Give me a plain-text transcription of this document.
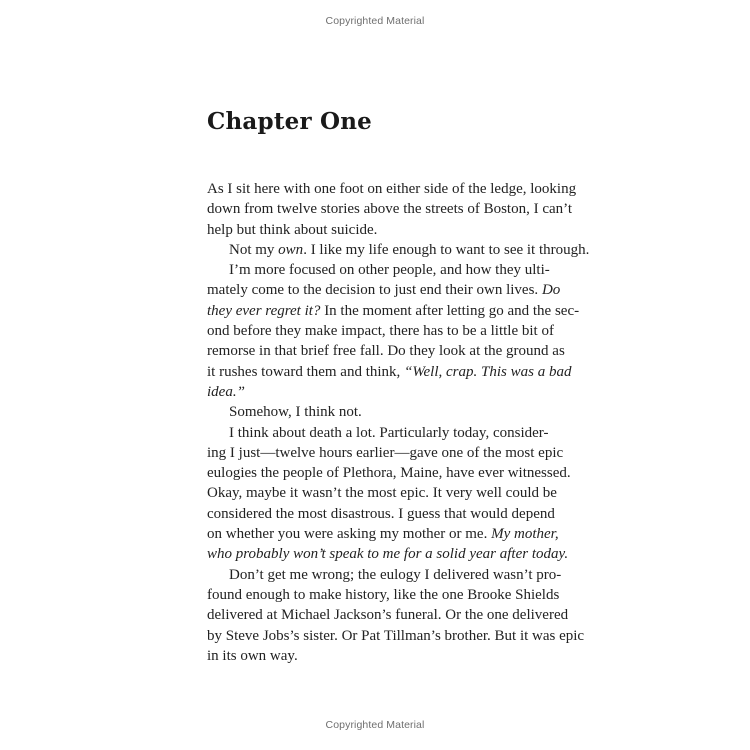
Copyrighted Material
Chapter One
As I sit here with one foot on either side of the ledge, looking
down from twelve stories above the streets of Boston, I can’t
help but think about suicide.
Not my own. I like my life enough to want to see it through.
I’m more focused on other people, and how they ulti-
mately come to the decision to just end their own lives. Do
they ever regret it? In the moment after letting go and the sec-
ond before they make impact, there has to be a little bit of
remorse in that brief free fall. Do they look at the ground as
it rushes toward them and think, “Well, crap. This was a bad
idea.”
Somehow, I think not.
I think about death a lot. Particularly today, consider-
ing I just—twelve hours earlier—gave one of the most epic
eulogies the people of Plethora, Maine, have ever witnessed.
Okay, maybe it wasn’t the most epic. It very well could be
considered the most disastrous. I guess that would depend
on whether you were asking my mother or me. My mother,
who probably won’t speak to me for a solid year after today.
Don’t get me wrong; the eulogy I delivered wasn’t pro-
found enough to make history, like the one Brooke Shields
delivered at Michael Jackson’s funeral. Or the one delivered
by Steve Jobs’s sister. Or Pat Tillman’s brother. But it was epic
in its own way.
Copyrighted Material
